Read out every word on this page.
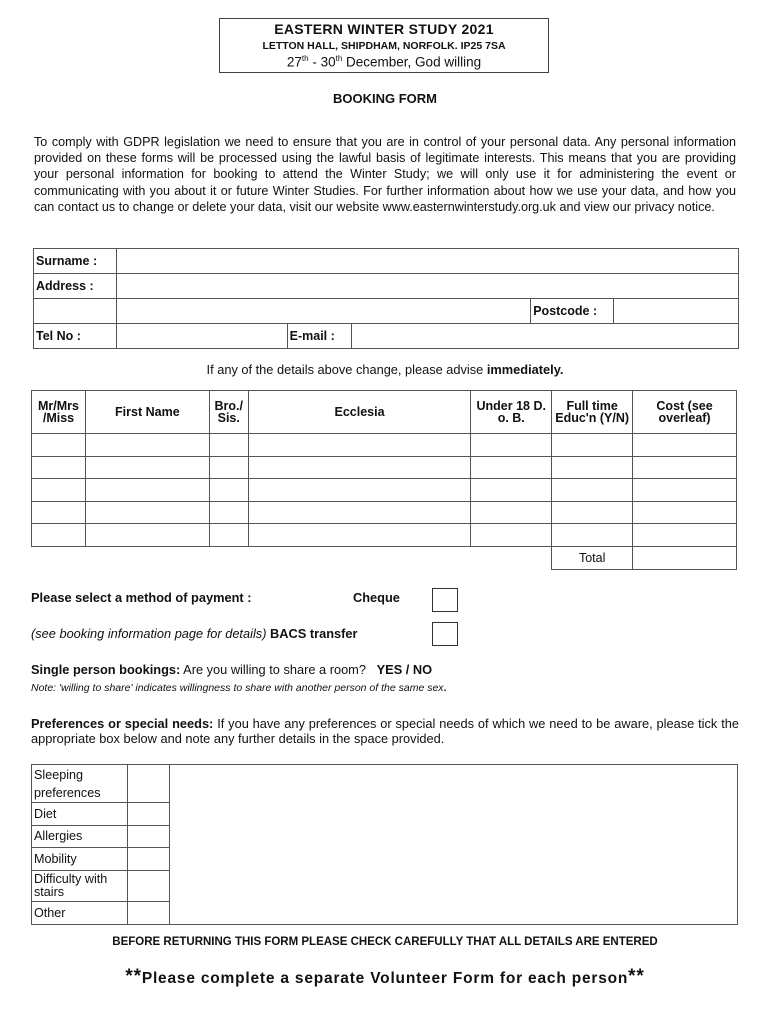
EASTERN WINTER STUDY 2021
LETTON HALL, SHIPDHAM, NORFOLK. IP25 7SA
27th - 30th December, God willing
BOOKING FORM
To comply with GDPR legislation we need to ensure that you are in control of your personal data. Any personal information provided on these forms will be processed using the lawful basis of legitimate interests. This means that you are providing your personal information for booking to attend the Winter Study; we will only use it for administering the event or communicating with you about it or future Winter Studies. For further information about how we use your data, and how you can contact us to change or delete your data, visit our website www.easternwinterstudy.org.uk and view our privacy notice.
Surname :					
Address :					
				Postcode :	
Tel No :		E-mail :			
If any of the details above change, please advise immediately.
Mr/Mrs /Miss	First Name	Bro./ Sis.	Ecclesia	Under 18 D. o. B.	Full time Educ'n (Y/N)	Cost (see overleaf)

					Total	
Please select a method of payment :	Cheque
(see booking information page for details) BACS transfer
Single person bookings: Are you willing to share a room? YES / NO
Note: 'willing to share' indicates willingness to share with another person of the same sex.
Preferences or special needs: If you have any preferences or special needs of which we need to be aware, please tick the appropriate box below and note any further details in the space provided.
Sleeping preferences		
Diet		
Allergies		
Mobility		
Difficulty with stairs		
Other		
BEFORE RETURNING THIS FORM PLEASE CHECK CAREFULLY THAT ALL DETAILS ARE ENTERED
**Please complete a separate Volunteer Form for each person**
